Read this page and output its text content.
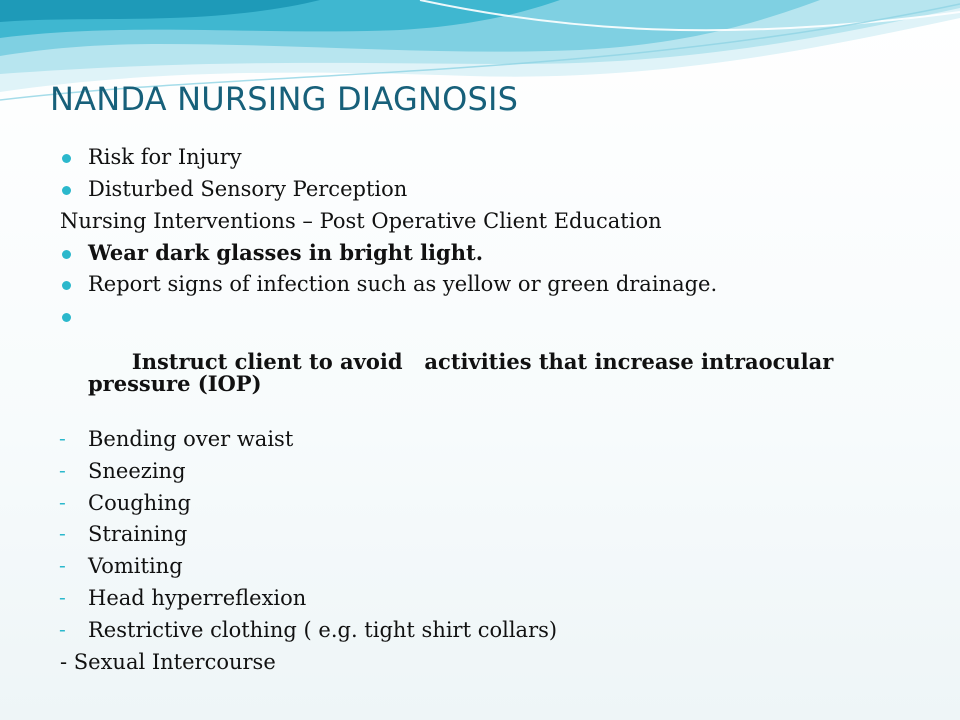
NANDA NURSING DIAGNOSIS
Risk for Injury
Disturbed Sensory Perception
Nursing Interventions – Post Operative Client Education
Wear dark glasses in bright light.
Report signs of infection such as yellow or green drainage.

Instruct client to avoid   activities that increase intraocular pressure (IOP)

- Bending over waist
- Sneezing
- Coughing
- Straining
- Vomiting
- Head hyperreflexion
- Restrictive clothing ( e.g. tight shirt collars)
- Sexual Intercourse
